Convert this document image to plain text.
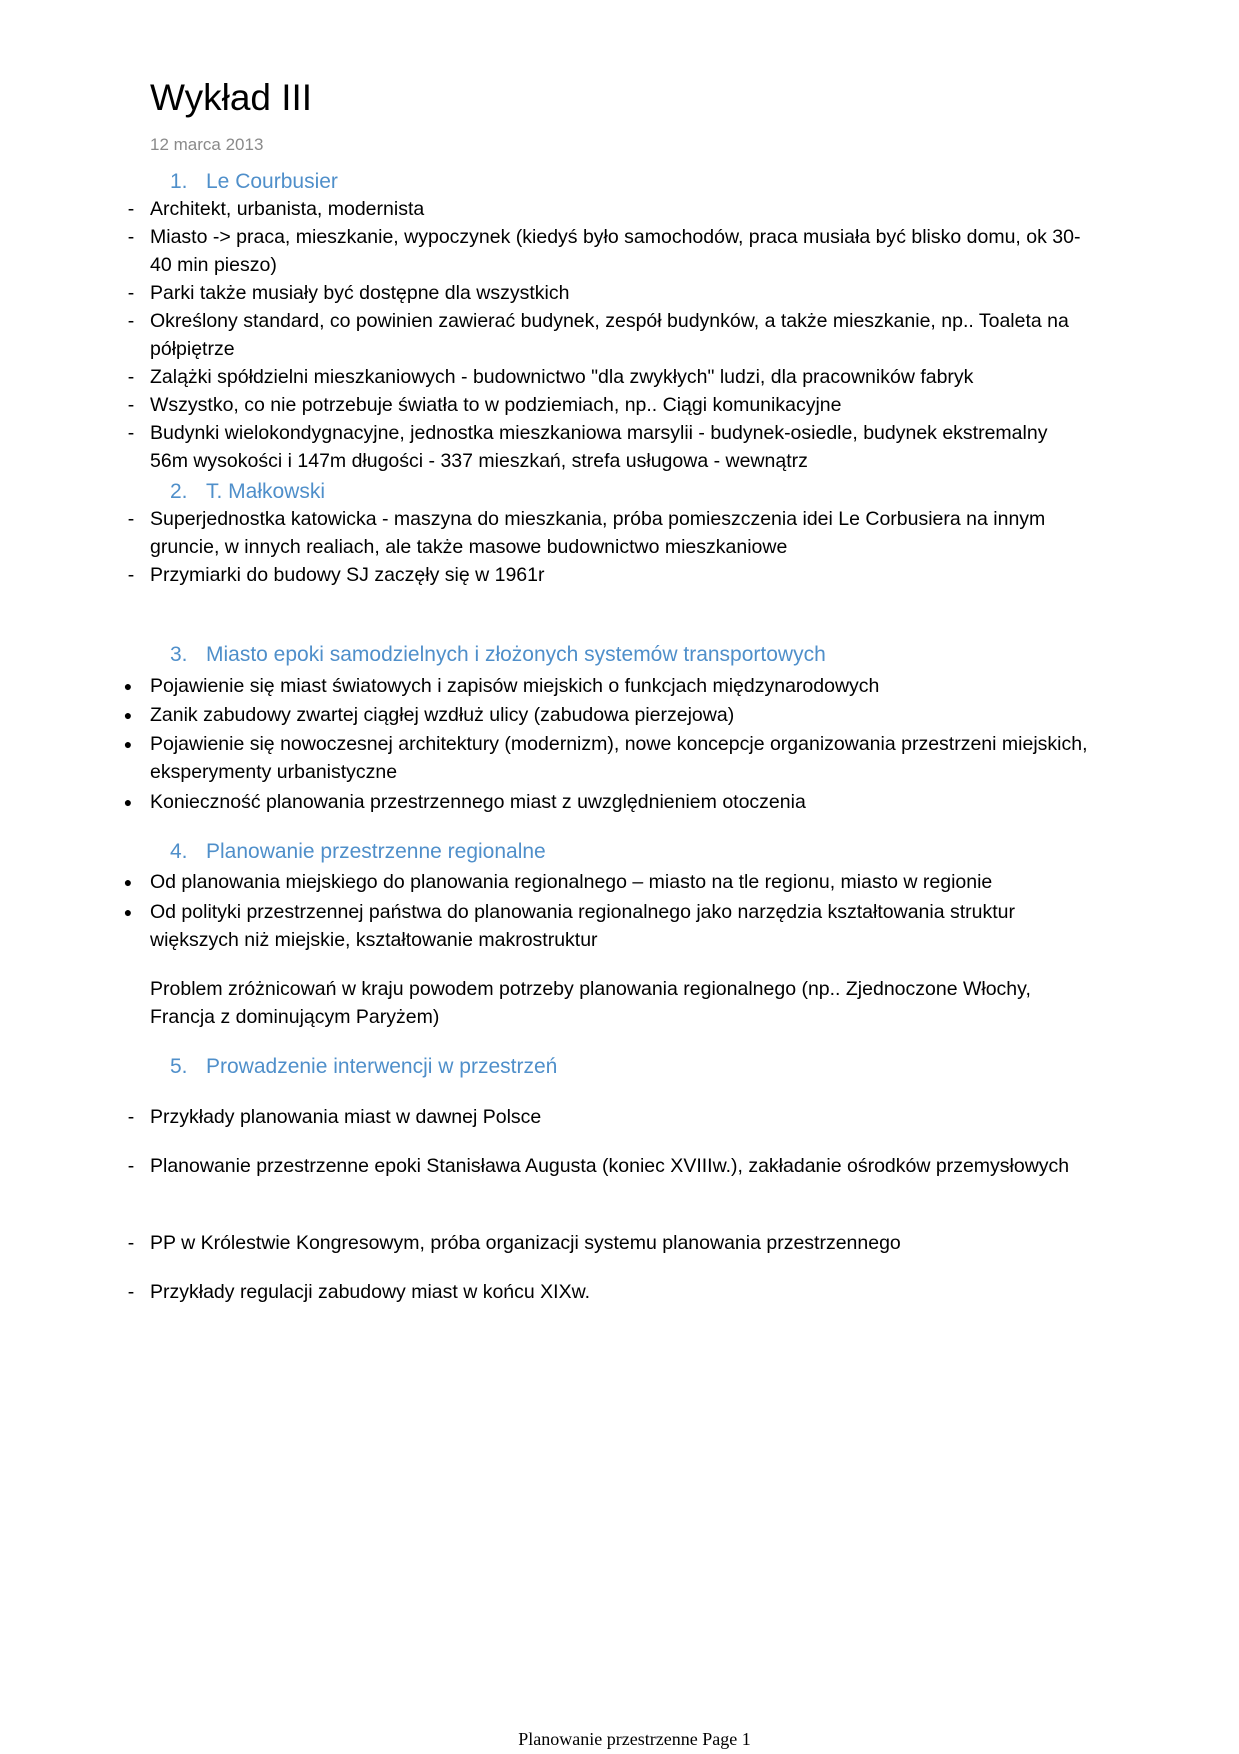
Wykład III
12 marca 2013
1. Le Courbusier
- Architekt, urbanista, modernista
- Miasto -> praca, mieszkanie, wypoczynek (kiedyś było samochodów, praca musiała być blisko domu, ok 30-40 min pieszo)
- Parki także musiały być dostępne dla wszystkich
- Określony standard, co powinien zawierać budynek, zespół budynków, a także mieszkanie, np.. Toaleta na półpiętrze
- Zalążki spółdzielni mieszkaniowych - budownictwo "dla zwykłych" ludzi, dla pracowników fabryk
- Wszystko, co nie potrzebuje światła to w podziemiach, np.. Ciągi komunikacyjne
- Budynki wielokondygnacyjne, jednostka mieszkaniowa marsylii - budynek-osiedle, budynek ekstremalny 56m wysokości i 147m długości - 337 mieszkań, strefa usługowa - wewnątrz
2. T. Małkowski
- Superjednostka katowicka - maszyna do mieszkania, próba pomieszczenia idei Le Corbusiera na innym gruncie, w innych realiach, ale także masowe budownictwo mieszkaniowe
- Przymiarki do budowy SJ zaczęły się w 1961r
3. Miasto epoki samodzielnych i złożonych systemów transportowych
● Pojawienie się miast światowych i zapisów miejskich o funkcjach międzynarodowych
● Zanik zabudowy zwartej ciągłej wzdłuż ulicy (zabudowa pierzejowa)
● Pojawienie się nowoczesnej architektury (modernizm), nowe koncepcje organizowania przestrzeni miejskich, eksperymenty urbanistyczne
● Konieczność planowania przestrzennego miast z uwzględnieniem otoczenia
4. Planowanie przestrzenne regionalne
● Od planowania miejskiego do planowania regionalnego – miasto na tle regionu, miasto w regionie
● Od polityki przestrzennej państwa do planowania regionalnego jako narzędzia kształtowania struktur większych niż miejskie, kształtowanie makrostruktur
Problem zróżnicowań w kraju powodem potrzeby planowania regionalnego (np.. Zjednoczone Włochy, Francja z dominującym Paryżem)
5. Prowadzenie interwencji w przestrzeń
- Przykłady planowania miast w dawnej Polsce
- Planowanie przestrzenne epoki Stanisława Augusta (koniec XVIIIw.), zakładanie ośrodków przemysłowych
- PP w Królestwie Kongresowym, próba organizacji systemu planowania przestrzennego
- Przykłady regulacji zabudowy miast w końcu XIXw.
Planowanie przestrzenne Page 1
